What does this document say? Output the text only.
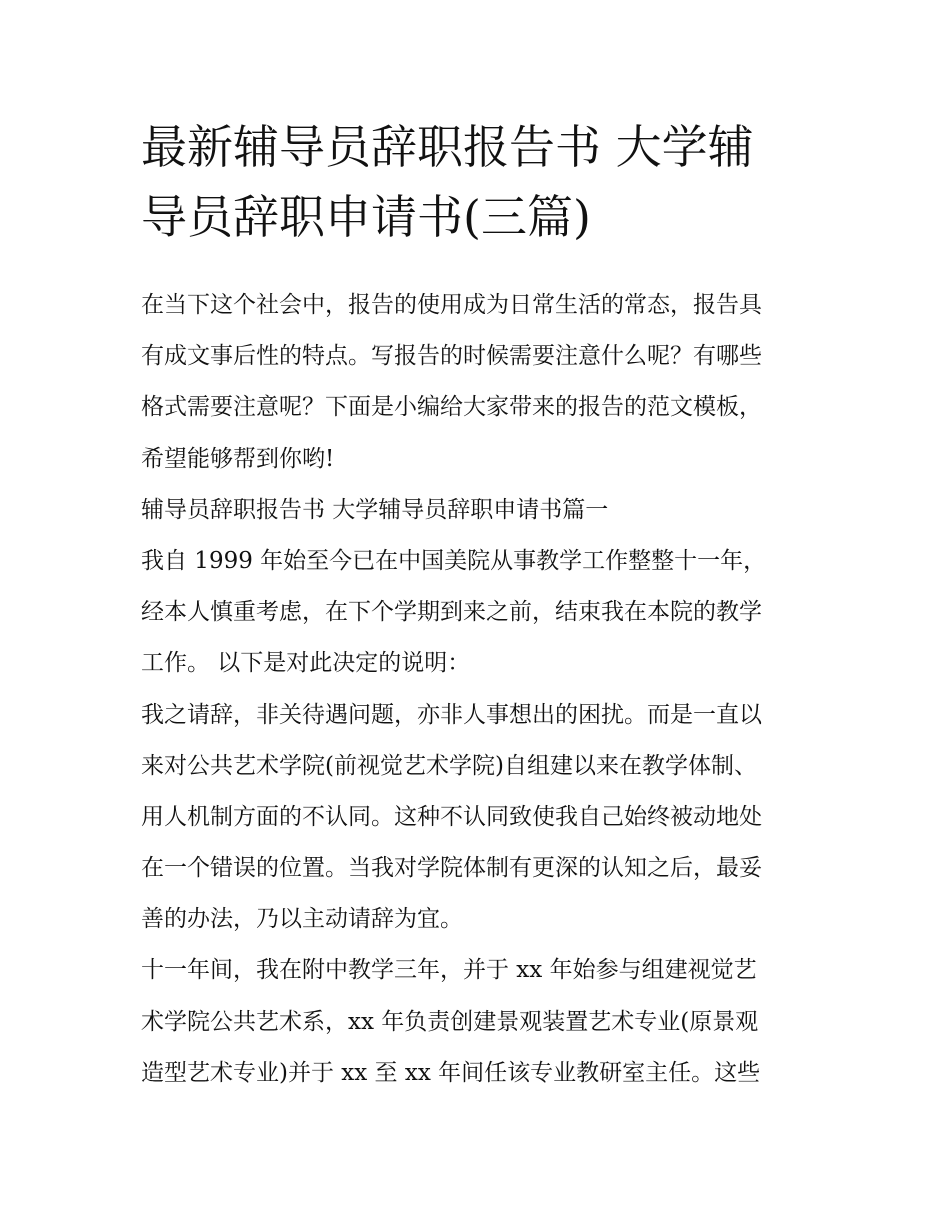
最新辅导员辞职报告书 大学辅
导员辞职申请书(三篇)
在当下这个社会中，报告的使用成为日常生活的常态，报告具
有成文事后性的特点。写报告的时候需要注意什么呢？有哪些
格式需要注意呢？下面是小编给大家带来的报告的范文模板，
希望能够帮到你哟!
辅导员辞职报告书 大学辅导员辞职申请书篇一
我自 1999 年始至今已在中国美院从事教学工作整整十一年，
经本人慎重考虑，在下个学期到来之前，结束我在本院的教学
工作。 以下是对此决定的说明：
我之请辞，非关待遇问题，亦非人事想出的困扰。而是一直以
来对公共艺术学院(前视觉艺术学院)自组建以来在教学体制、
用人机制方面的不认同。这种不认同致使我自己始终被动地处
在一个错误的位置。当我对学院体制有更深的认知之后，最妥
善的办法，乃以主动请辞为宜。
十一年间，我在附中教学三年，并于 xx 年始参与组建视觉艺
术学院公共艺术系，xx 年负责创建景观装置艺术专业(原景观
造型艺术专业)并于 xx 至 xx 年间任该专业教研室主任。这些
